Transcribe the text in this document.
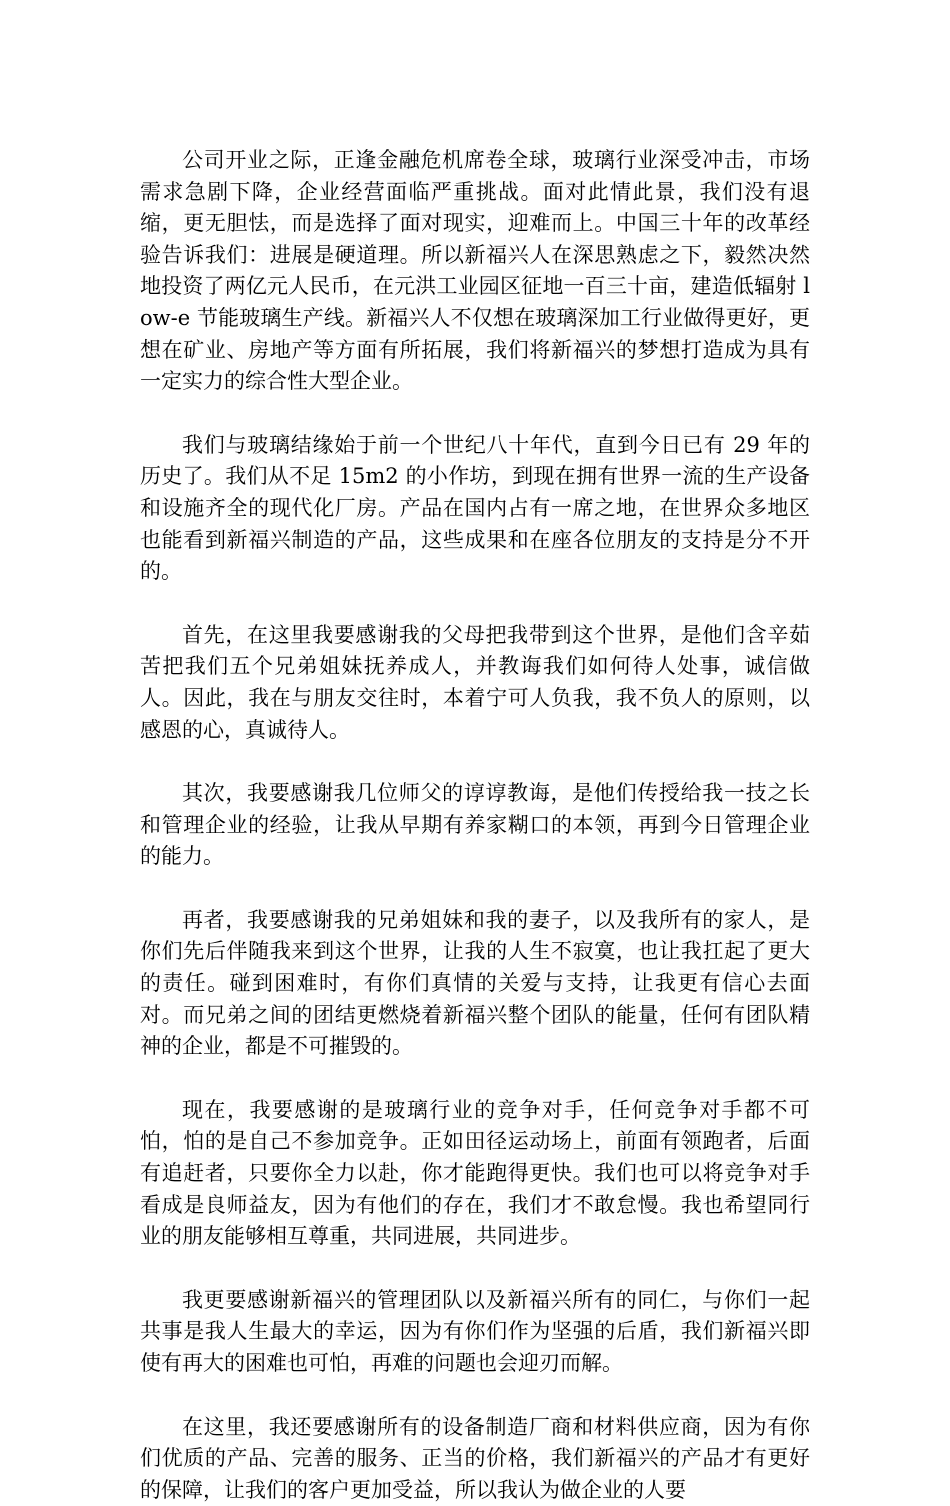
公司开业之际，正逢金融危机席卷全球，玻璃行业深受冲击，市场需求急剧下降，企业经营面临严重挑战。面对此情此景，我们没有退缩，更无胆怯，而是选择了面对现实，迎难而上。中国三十年的改革经验告诉我们：进展是硬道理。所以新福兴人在深思熟虑之下，毅然决然地投资了两亿元人民币，在元洪工业园区征地一百三十亩，建造低辐射 low-e 节能玻璃生产线。新福兴人不仅想在玻璃深加工行业做得更好，更想在矿业、房地产等方面有所拓展，我们将新福兴的梦想打造成为具有一定实力的综合性大型企业。

我们与玻璃结缘始于前一个世纪八十年代，直到今日已有 29 年的历史了。我们从不足 15m2 的小作坊，到现在拥有世界一流的生产设备和设施齐全的现代化厂房。产品在国内占有一席之地，在世界众多地区也能看到新福兴制造的产品，这些成果和在座各位朋友的支持是分不开的。

首先，在这里我要感谢我的父母把我带到这个世界，是他们含辛茹苦把我们五个兄弟姐妹抚养成人，并教诲我们如何待人处事，诚信做人。因此，我在与朋友交往时，本着宁可人负我，我不负人的原则，以感恩的心，真诚待人。

其次，我要感谢我几位师父的谆谆教诲，是他们传授给我一技之长和管理企业的经验，让我从早期有养家糊口的本领，再到今日管理企业的能力。

再者，我要感谢我的兄弟姐妹和我的妻子，以及我所有的家人，是你们先后伴随我来到这个世界，让我的人生不寂寞，也让我扛起了更大的责任。碰到困难时，有你们真情的关爱与支持，让我更有信心去面对。而兄弟之间的团结更燃烧着新福兴整个团队的能量，任何有团队精神的企业，都是不可摧毁的。

现在，我要感谢的是玻璃行业的竞争对手，任何竞争对手都不可怕，怕的是自己不参加竞争。正如田径运动场上，前面有领跑者，后面有追赶者，只要你全力以赴，你才能跑得更快。我们也可以将竞争对手看成是良师益友，因为有他们的存在，我们才不敢怠慢。我也希望同行业的朋友能够相互尊重，共同进展，共同进步。

我更要感谢新福兴的管理团队以及新福兴所有的同仁，与你们一起共事是我人生最大的幸运，因为有你们作为坚强的后盾，我们新福兴即使有再大的困难也可怕，再难的问题也会迎刃而解。

在这里，我还要感谢所有的设备制造厂商和材料供应商，因为有你们优质的产品、完善的服务、正当的价格，我们新福兴的产品才有更好的保障，让我们的客户更加受益，所以我认为做企业的人要
